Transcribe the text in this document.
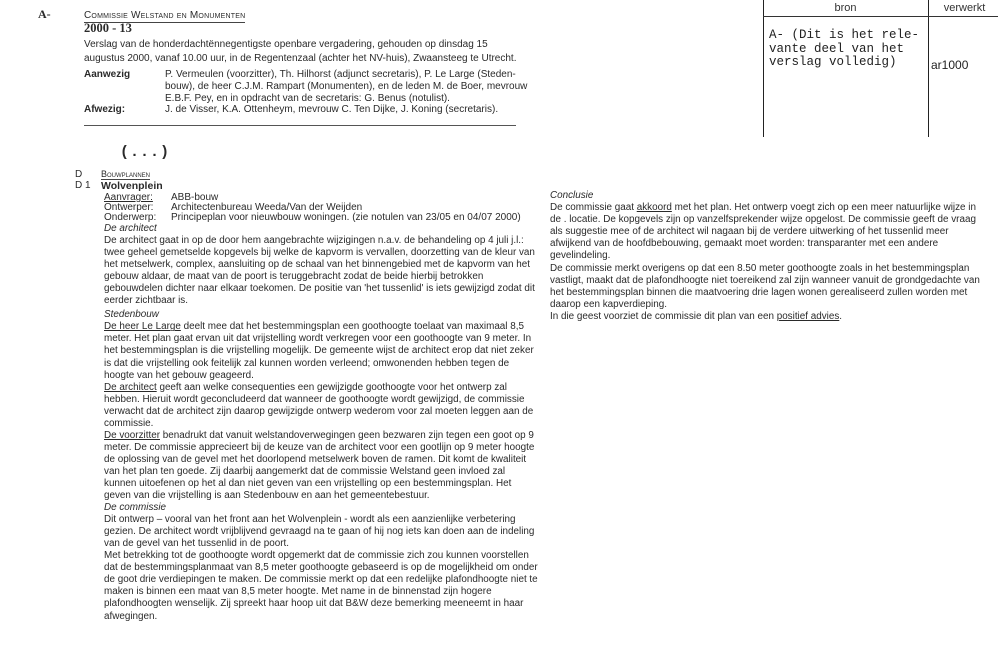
A-	Commissie Welstand en Monumenten
2000 - 13
Verslag van de honderdachtënnegentigste openbare vergadering, gehouden op dinsdag 15 augustus 2000, vanaf 10.00 uur, in de Regentenzaal (achter het NV-huis), Zwaansteeg te Utrecht.
Aanwezig	P. Vermeulen (voorzitter), Th. Hilhorst (adjunct secretaris), P. Le Large (Steden-
bouw), de heer C.J.M. Rampart (Monumenten), en de leden M. de Boer, mevrouw
E.B.F. Pey, en in opdracht van de secretaris: G. Benus (notulist).
Afwezig:	J. de Visser, K.A. Ottenheym, mevrouw C. Ten Dijke, J. Koning (secretaris).
(...)
D Bouwplannen
D 1 Wolvenplein
Aanvrager: ABB-bouw
Ontwerper: Architectenbureau Weeda/Van der Weijden
Onderwerp: Principeplan voor nieuwbouw woningen. (zie notulen van 23/05 en 04/07 2000)

De architect

De architect gaat in op de door hem aangebrachte wijzigingen n.a.v. de behandeling op 4 juli j.l.: twee geheel gemetselde kopgevels bij welke de kapvorm is vervallen, doorzetting van de kleur van het metselwerk, complex, aansluiting op de schaal van het binnengebied met de kapvorm van het gebouw aldaar, de maat van de poort is teruggebracht zodat de beide hierbij betrokken gebouwdelen dichter naar elkaar toekomen. De positie van 'het tussenlid' is iets gewijzigd zodat dit eerder zichtbaar is.

Stedenbouw

De heer Le Large deelt mee dat het bestemmingsplan een goothoogte toelaat van maximaal 8,5 meter. Het plan gaat ervan uit dat vrijstelling wordt verkregen voor een goothoogte van 9 meter. In het bestemmingsplan is die vrijstelling mogelijk. De gemeente wijst de architect erop dat niet zeker is dat die vrijstelling ook feitelijk zal kunnen worden verleend; omwonenden hebben tegen de hoogte van het gebouw geageerd.

De architect geeft aan welke consequenties een gewijzigde goothoogte voor het ontwerp zal hebben. Hieruit wordt geconcludeerd dat wanneer de goothoogte wordt gewijzigd, de commissie verwacht dat de architect zijn daarop gewijzigde ontwerp wederom voor zal moeten leggen aan de commissie.

De voorzitter benadrukt dat vanuit welstandoverwegingen geen bezwaren zijn tegen een goot op 9 meter. De commissie apprecieert bij de keuze van de architect voor een gootlijn op 9 meter hoogte de oplossing van de gevel met het doorlopend metselwerk boven de ramen. Dit komt de kwaliteit van het plan ten goede. Zij daarbij aangemerkt dat de commissie Welstand geen invloed zal kunnen uitoefenen op het al dan niet geven van een vrijstelling op een bestemmingsplan. Het geven van die vrijstelling is aan Stedenbouw en aan het gemeentebestuur.

De commissie

Dit ontwerp – vooral van het front aan het Wolvenplein - wordt als een aanzienlijke verbetering gezien. De architect wordt vrijblijvend gevraagd na te gaan of hij nog iets kan doen aan de indeling van de gevel van het tussenlid in de poort.

Met betrekking tot de goothoogte wordt opgemerkt dat de commissie zich zou kunnen voorstellen dat de bestemmingsplanmaat van 8,5 meter goothoogte gebaseerd is op de mogelijkheid om onder de goot drie verdiepingen te maken. De commissie merkt op dat een redelijke plafondhoogte niet te maken is binnen een maat van 8,5 meter hoogte. Met name in de binnenstad zijn hogere plafondhoogten wenselijk. Zij spreekt haar hoop uit dat B&W deze bemerking meeneemt in haar afwegingen.

Conclusie

De commissie gaat akkoord met het plan. Het ontwerp voegt zich op een meer natuurlijke wijze in de . locatie. De kopgevels zijn op vanzelfsprekender wijze opgelost. De commissie geeft de vraag als suggestie mee of de architect wil nagaan bij de verdere uitwerking of het tussenlid meer afwijkend van de hoofdbebouwing, gemaakt moet worden: transparanter met een andere gevelindeling.

De commissie merkt overigens op dat een 8.50 meter goothoogte zoals in het bestemmingsplan vastligt, maakt dat de plafondhoogte niet toereikend zal zijn wanneer vanuit de grondgedachte van het bestemmingsplan binnen die maatvoering drie lagen wonen gerealiseerd zullen worden met daarop een kapverdieping.

In die geest voorziet de commissie dit plan van een positief advies.

bron	verwerkt
A- (Dit is het rele-
vante deel van het
verslag volledig)	ar1000
